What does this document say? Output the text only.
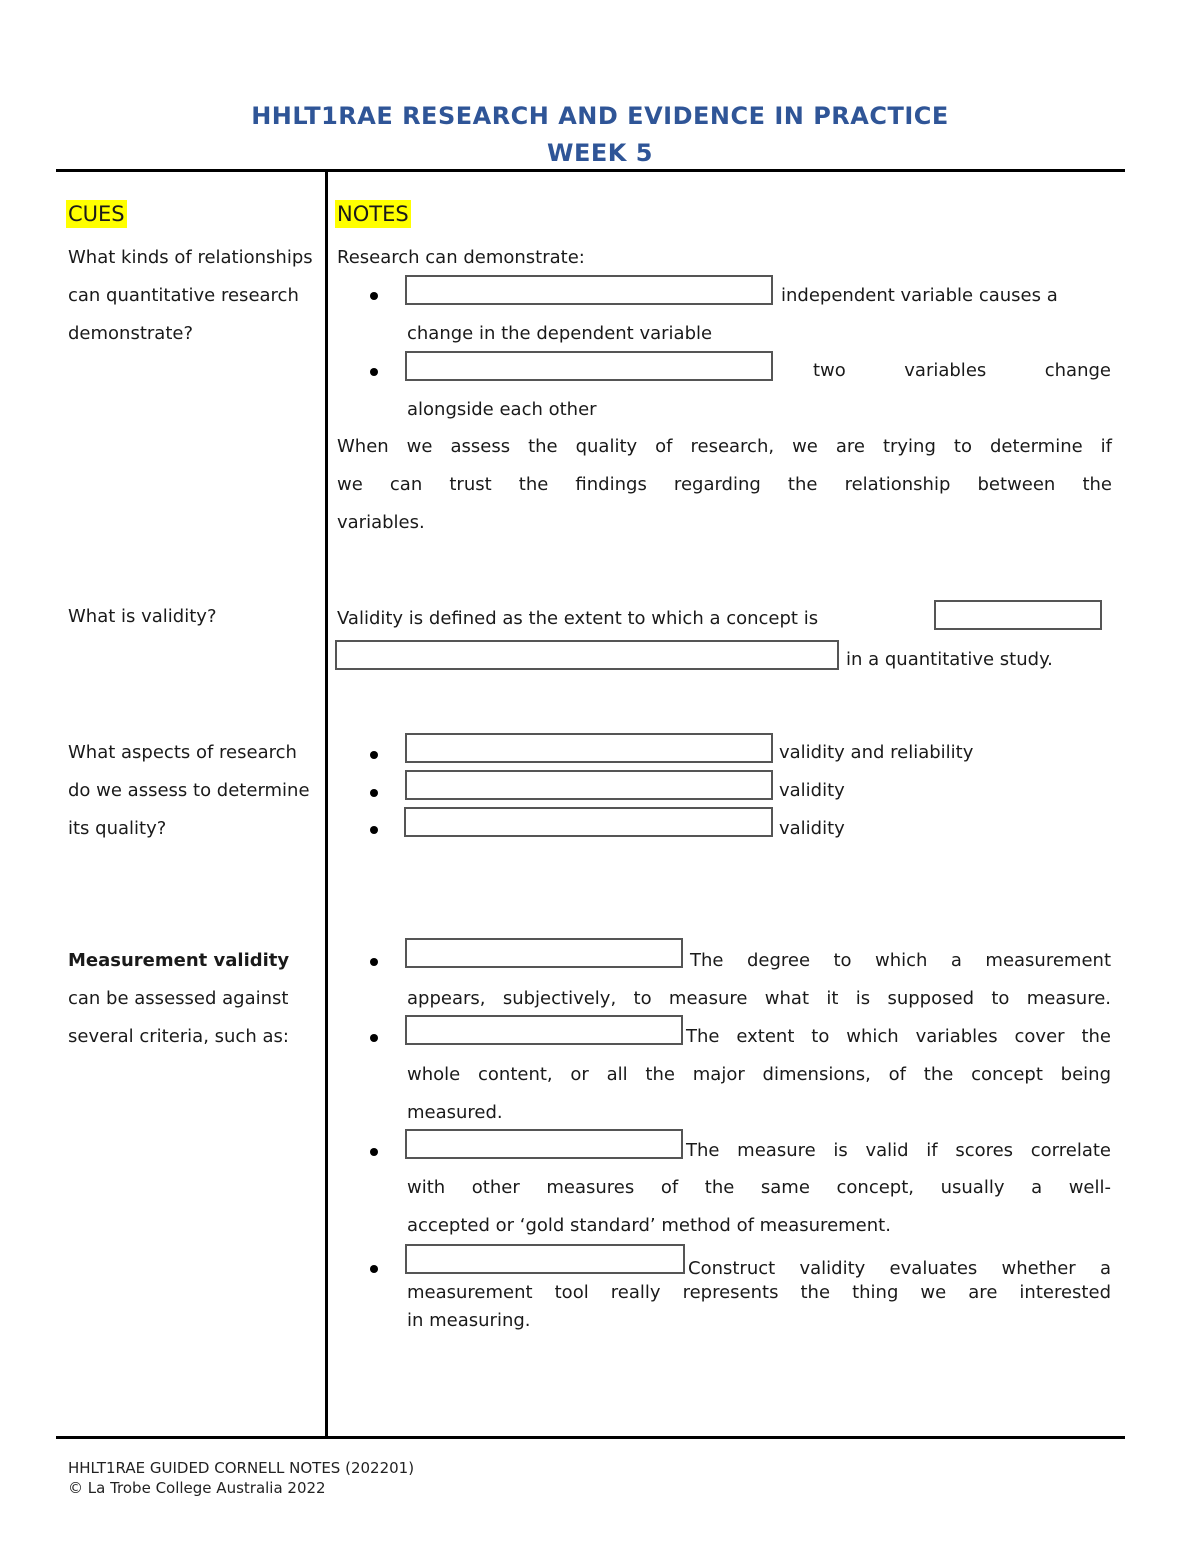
HHLT1RAE RESEARCH AND EVIDENCE IN PRACTICE
WEEK 5
CUES	NOTES
What kinds of relationships can quantitative research demonstrate?
What is validity?
What aspects of research do we assess to determine its quality?
Measurement validity can be assessed against several criteria, such as:
Research can demonstrate:
independent variable causes a
change in the dependent variable
two variables change
alongside each other
When we assess the quality of research, we are trying to determine if
we can trust the findings regarding the relationship between the
variables.
Validity is defined as the extent to which a concept is
in a quantitative study.
validity and reliability
validity
validity
The degree to which a measurement
appears, subjectively, to measure what it is supposed to measure.
The extent to which variables cover the
whole content, or all the major dimensions, of the concept being
measured.
The measure is valid if scores correlate
with other measures of the same concept, usually a well-
accepted or ‘gold standard’ method of measurement.
Construct validity evaluates whether a
measurement tool really represents the thing we are interested
in measuring.
HHLT1RAE GUIDED CORNELL NOTES (202201)
© La Trobe College Australia 2022
